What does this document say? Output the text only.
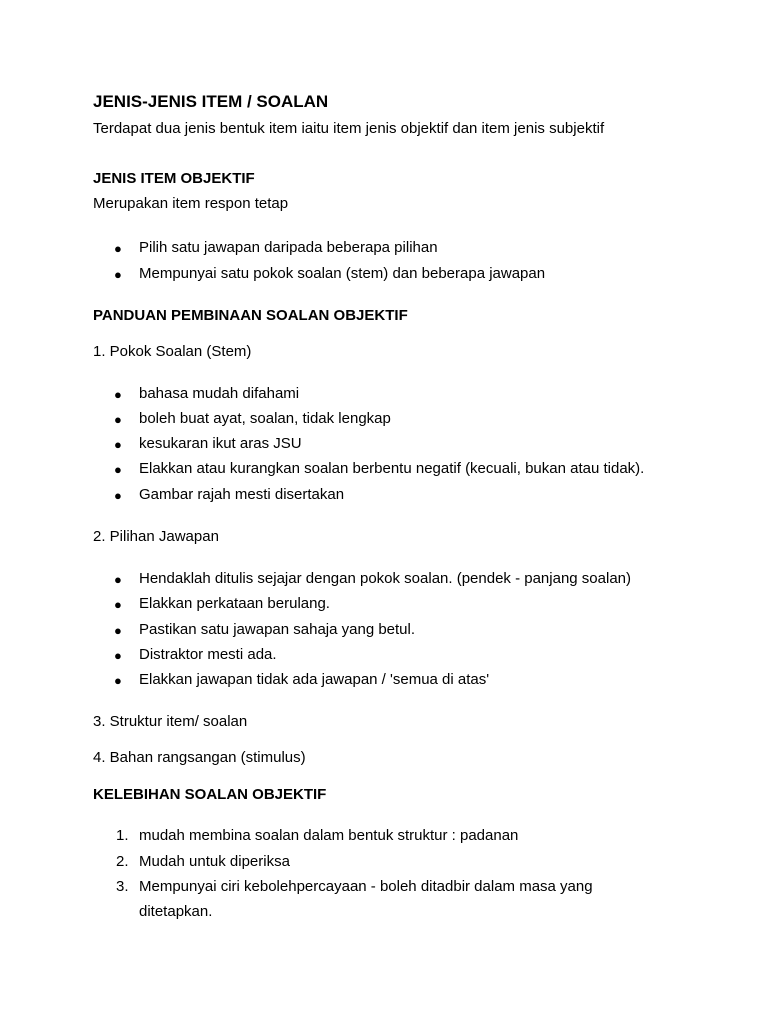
JENIS-JENIS ITEM / SOALAN
Terdapat dua jenis bentuk item iaitu item jenis objektif dan item jenis subjektif
JENIS ITEM OBJEKTIF
Merupakan item respon tetap
● Pilih satu jawapan daripada beberapa pilihan
● Mempunyai satu pokok soalan (stem) dan beberapa jawapan
PANDUAN PEMBINAAN SOALAN OBJEKTIF
1. Pokok Soalan (Stem)
● bahasa mudah difahami
● boleh buat ayat, soalan, tidak lengkap
● kesukaran ikut aras JSU
● Elakkan atau kurangkan soalan berbentu negatif (kecuali, bukan atau tidak).
● Gambar rajah mesti disertakan
2. Pilihan Jawapan
● Hendaklah ditulis sejajar dengan pokok soalan. (pendek - panjang soalan)
● Elakkan perkataan berulang.
● Pastikan satu jawapan sahaja yang betul.
● Distraktor mesti ada.
● Elakkan jawapan tidak ada jawapan / 'semua di atas'
3. Struktur item/ soalan
4. Bahan rangsangan (stimulus)
KELEBIHAN SOALAN OBJEKTIF
1. mudah membina soalan dalam bentuk struktur : padanan
2. Mudah untuk diperiksa
3. Mempunyai ciri kebolehpercayaan - boleh ditadbir dalam masa yang
ditetapkan.
